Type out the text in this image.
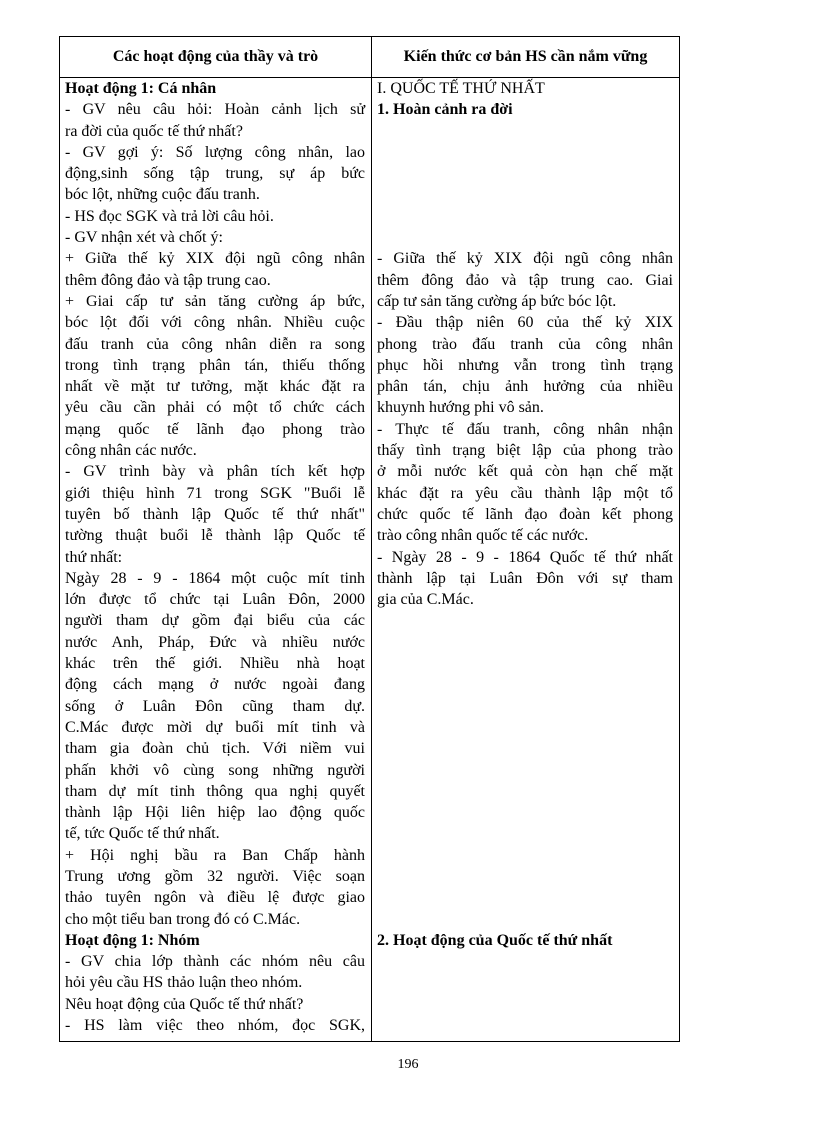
Các hoạt động của thầy và trò	Kiến thức cơ bản HS cần nắm vững
Hoạt động 1: Cá nhân
- GV nêu câu hỏi: Hoàn cảnh lịch sử
ra đời của quốc tế thứ nhất?
- GV gợi ý: Số lượng công nhân, lao
động,sinh sống tập trung, sự áp bức
bóc lột, những cuộc đấu tranh.
- HS đọc SGK và trả lời câu hỏi.
- GV nhận xét và chốt ý:
+ Giữa thế kỷ XIX đội ngũ công nhân
thêm đông đảo và tập trung cao.
+ Giai cấp tư sản tăng cường áp bức,
bóc lột đối với công nhân. Nhiều cuộc
đấu tranh của công nhân diễn ra song
trong tình trạng phân tán, thiếu thống
nhất về mặt tư tưởng, mặt khác đặt ra
yêu cầu cần phải có một tổ chức cách
mạng quốc tế lãnh đạo phong trào
công nhân các nước.
- GV trình bày và phân tích kết hợp
giới thiệu hình 71 trong SGK "Buổi lễ
tuyên bố thành lập Quốc tế thứ nhất"
tường thuật buổi lễ thành lập Quốc tế
thứ nhất:
Ngày 28 - 9 - 1864 một cuộc mít tinh
lớn được tổ chức tại Luân Đôn, 2000
người tham dự gồm đại biểu của các
nước Anh, Pháp, Đức và nhiều nước
khác trên thế giới. Nhiều nhà hoạt
động cách mạng ở nước ngoài đang
sống ở Luân Đôn cũng tham dự.
C.Mác được mời dự buổi mít tinh và
tham gia đoàn chủ tịch. Với niềm vui
phấn khởi vô cùng song những người
tham dự mít tinh thông qua nghị quyết
thành lập Hội liên hiệp lao động quốc
tế, tức Quốc tế thứ nhất.
+ Hội nghị bầu ra Ban Chấp hành
Trung ương gồm 32 người. Việc soạn
thảo tuyên ngôn và điều lệ được giao
cho một tiểu ban trong đó có C.Mác.
Hoạt động 1: Nhóm
- GV chia lớp thành các nhóm nêu câu
hỏi yêu cầu HS thảo luận theo nhóm.
Nêu hoạt động của Quốc tế thứ nhất?
- HS làm việc theo nhóm, đọc SGK,
I. QUỐC TẾ THỨ NHẤT
1. Hoàn cảnh ra đời
- Giữa thế kỷ XIX đội ngũ công nhân
thêm đông đảo và tập trung cao. Giai
cấp tư sản tăng cường áp bức bóc lột.
- Đầu thập niên 60 của thế kỷ XIX
phong trào đấu tranh của công nhân
phục hồi nhưng vẫn trong tình trạng
phân tán, chịu ảnh hưởng của nhiều
khuynh hướng phi vô sản.
- Thực tế đấu tranh, công nhân nhận
thấy tình trạng biệt lập của phong trào
ở mỗi nước kết quả còn hạn chế mặt
khác đặt ra yêu cầu thành lập một tổ
chức quốc tế lãnh đạo đoàn kết phong
trào công nhân quốc tế các nước.
- Ngày 28 - 9 - 1864 Quốc tế thứ nhất
thành lập tại Luân Đôn với sự tham
gia của C.Mác.
2. Hoạt động của Quốc tế thứ nhất
196
